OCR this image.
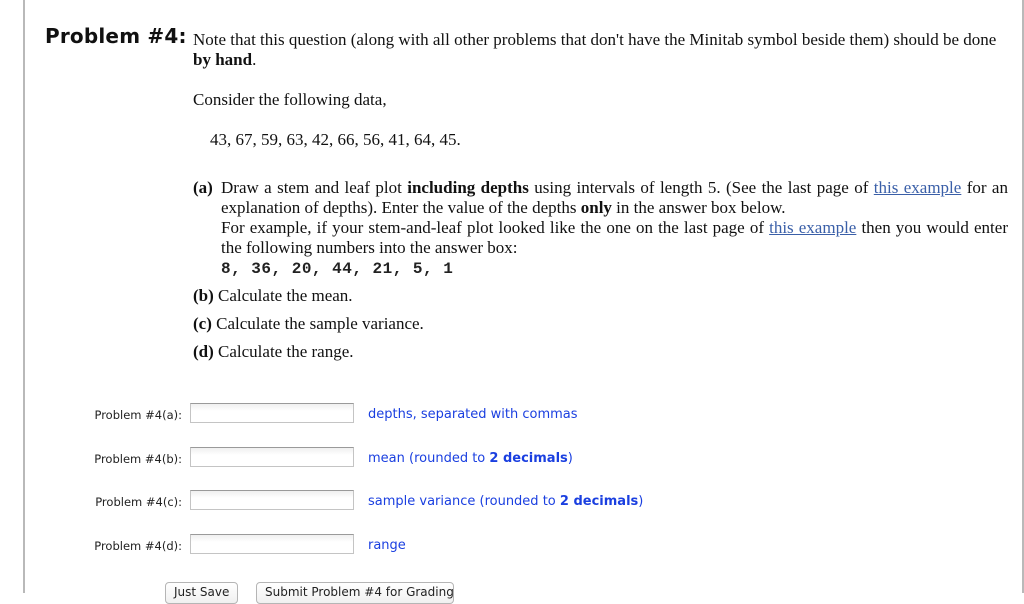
Problem #4: Note that this question (along with all other problems that don't have the Minitab symbol beside them) should be done by hand.
Consider the following data,
43, 67, 59, 63, 42, 66, 56, 41, 64, 45.
(a) Draw a stem and leaf plot including depths using intervals of length 5. (See the last page of this example for an explanation of depths). Enter the value of the depths only in the answer box below.
For example, if your stem-and-leaf plot looked like the one on the last page of this example then you would enter the following numbers into the answer box:
8, 36, 20, 44, 21, 5, 1
(b) Calculate the mean.
(c) Calculate the sample variance.
(d) Calculate the range.
Problem #4(a):	depths, separated with commas
Problem #4(b):	mean (rounded to 2 decimals)
Problem #4(c):	sample variance (rounded to 2 decimals)
Problem #4(d):	range
Just Save	Submit Problem #4 for Grading
